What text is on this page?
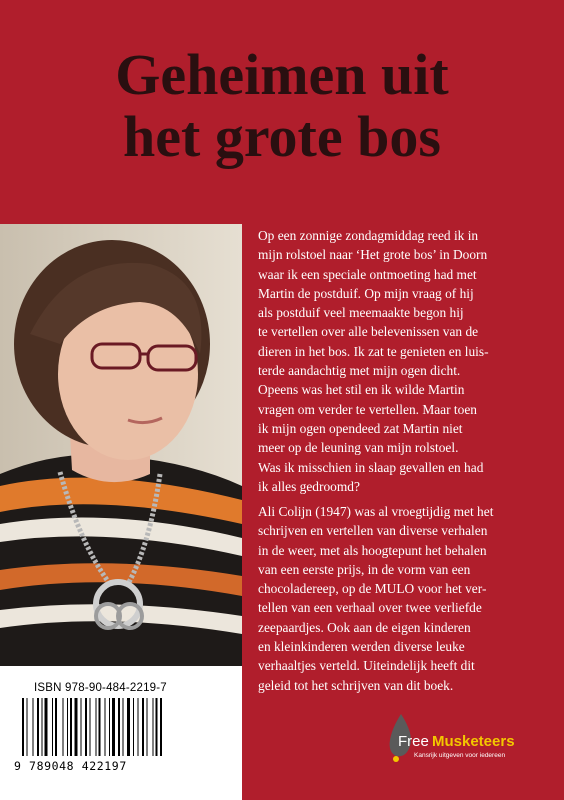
Geheimen uit
het grote bos

Op een zonnige zondagmiddag reed ik in
mijn rolstoel naar ‘Het grote bos’ in Doorn
waar ik een speciale ontmoeting had met
Martin de postduif. Op mijn vraag of hij
als postduif veel meemaakte begon hij
te vertellen over alle belevenissen van de
dieren in het bos. Ik zat te genieten en luis-
terde aandachtig met mijn ogen dicht.
Opeens was het stil en ik wilde Martin
vragen om verder te vertellen. Maar toen
ik mijn ogen opendeed zat Martin niet
meer op de leuning van mijn rolstoel.
Was ik misschien in slaap gevallen en had
ik alles gedroomd?

Ali Colijn (1947) was al vroegtijdig met het
schrijven en vertellen van diverse verhalen
in de weer, met als hoogtepunt het behalen
van een eerste prijs, in de vorm van een
chocoladereep, op de MULO voor het ver-
tellen van een verhaal over twee verliefde
zeepaardjes. Ook aan de eigen kinderen
en kleinkinderen werden diverse leuke
verhaaltjes verteld. Uiteindelijk heeft dit
geleid tot het schrijven van dit boek.

ISBN 978-90-484-2219-7
9 789048 422197
Free Musketeers
Kansrijk uitgeven voor iedereen
